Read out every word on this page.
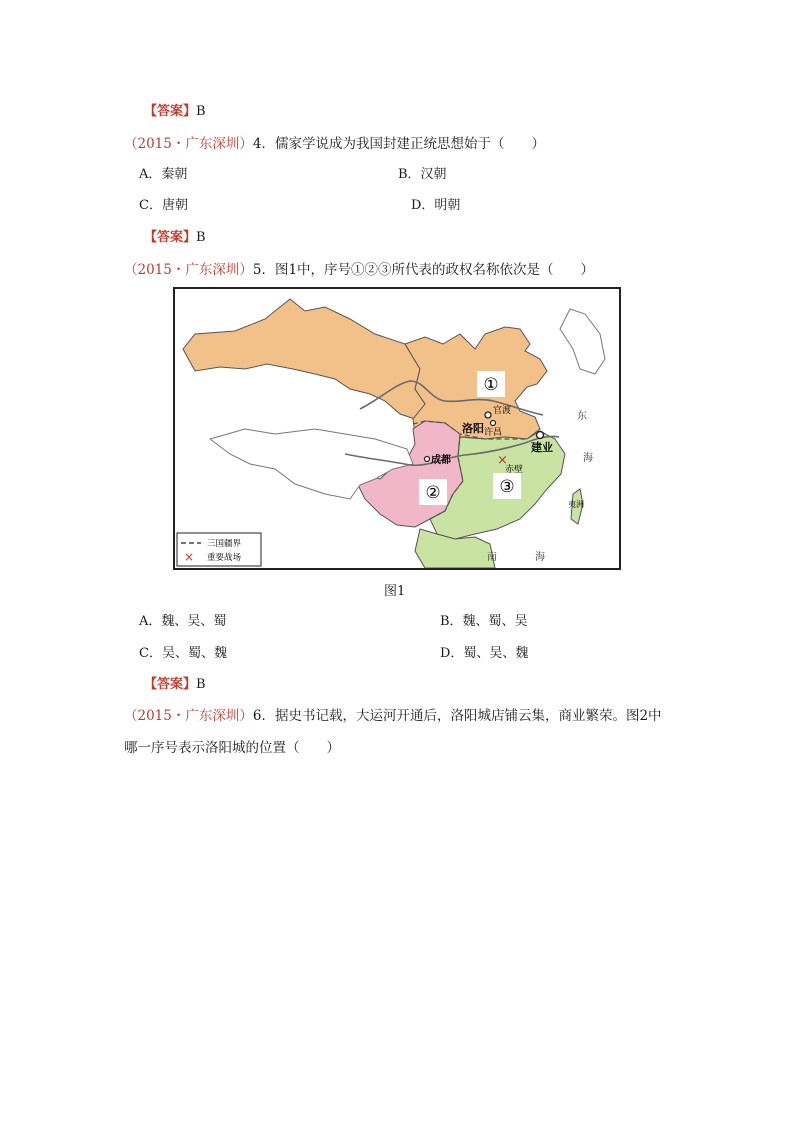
【答案】B
（2015・广东深圳）4．儒家学说成为我国封建正统思想始于（　　）
A．秦朝	B．汉朝
C．唐朝	D．明朝
【答案】B
（2015・广东深圳）5．图1中，序号①②③所代表的政权名称依次是（　　）
①
②	③
官渡
洛阳 许昌
成都
建业
×
赤壁
夷洲
东
海
南	海
三国疆界
× 重要战场
图1
A．魏、吴、蜀	B．魏、蜀、吴
C．吴、蜀、魏	D．蜀、吴、魏
【答案】B
（2015・广东深圳）6．据史书记载，大运河开通后，洛阳城店铺云集，商业繁荣。图2中
哪一序号表示洛阳城的位置（　　）
